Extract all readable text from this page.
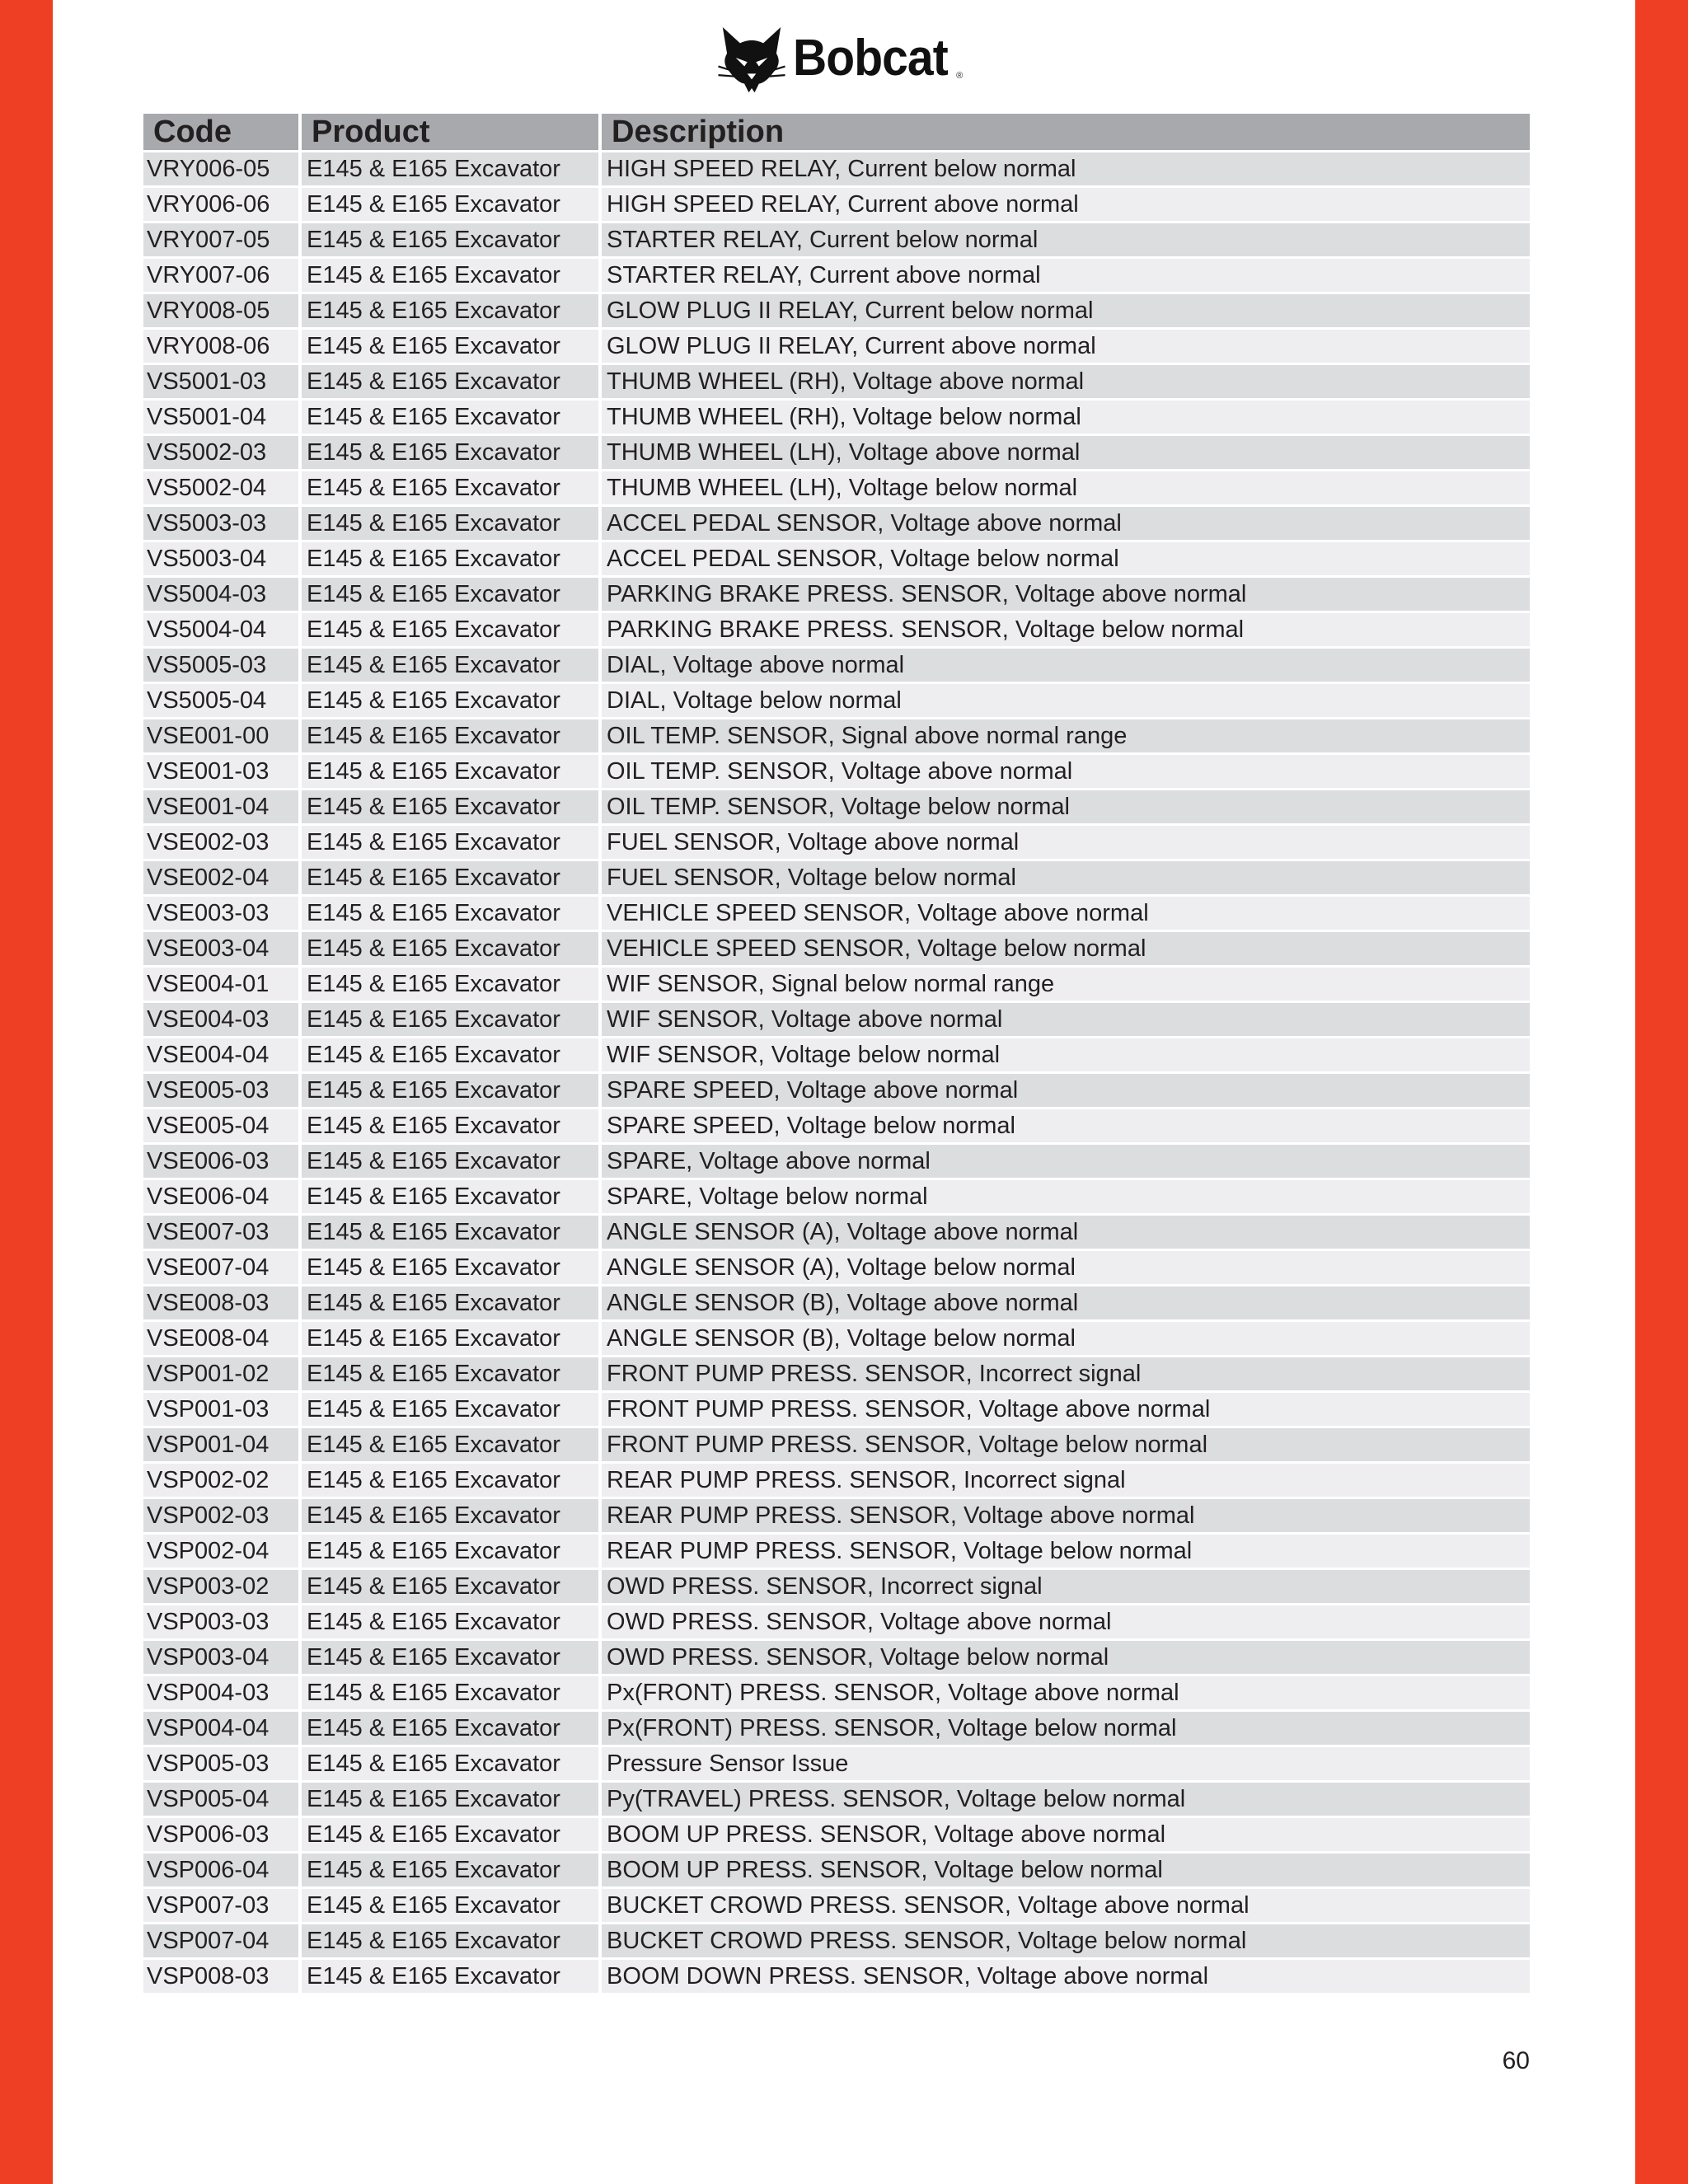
Bobcat ®
Code	Product	Description
VRY006-05	E145 & E165 Excavator	HIGH SPEED RELAY, Current below normal
VRY006-06	E145 & E165 Excavator	HIGH SPEED RELAY, Current above normal
VRY007-05	E145 & E165 Excavator	STARTER RELAY, Current below normal
VRY007-06	E145 & E165 Excavator	STARTER RELAY, Current above normal
VRY008-05	E145 & E165 Excavator	GLOW PLUG II RELAY, Current below normal
VRY008-06	E145 & E165 Excavator	GLOW PLUG II RELAY, Current above normal
VS5001-03	E145 & E165 Excavator	THUMB WHEEL (RH), Voltage above normal
VS5001-04	E145 & E165 Excavator	THUMB WHEEL (RH), Voltage below normal
VS5002-03	E145 & E165 Excavator	THUMB WHEEL (LH), Voltage above normal
VS5002-04	E145 & E165 Excavator	THUMB WHEEL (LH), Voltage below normal
VS5003-03	E145 & E165 Excavator	ACCEL PEDAL SENSOR, Voltage above normal
VS5003-04	E145 & E165 Excavator	ACCEL PEDAL SENSOR, Voltage below normal
VS5004-03	E145 & E165 Excavator	PARKING BRAKE PRESS. SENSOR, Voltage above normal
VS5004-04	E145 & E165 Excavator	PARKING BRAKE PRESS. SENSOR, Voltage below normal
VS5005-03	E145 & E165 Excavator	DIAL, Voltage above normal
VS5005-04	E145 & E165 Excavator	DIAL, Voltage below normal
VSE001-00	E145 & E165 Excavator	OIL TEMP. SENSOR, Signal above normal range
VSE001-03	E145 & E165 Excavator	OIL TEMP. SENSOR, Voltage above normal
VSE001-04	E145 & E165 Excavator	OIL TEMP. SENSOR, Voltage below normal
VSE002-03	E145 & E165 Excavator	FUEL SENSOR, Voltage above normal
VSE002-04	E145 & E165 Excavator	FUEL SENSOR, Voltage below normal
VSE003-03	E145 & E165 Excavator	VEHICLE SPEED SENSOR, Voltage above normal
VSE003-04	E145 & E165 Excavator	VEHICLE SPEED SENSOR, Voltage below normal
VSE004-01	E145 & E165 Excavator	WIF SENSOR, Signal below normal range
VSE004-03	E145 & E165 Excavator	WIF SENSOR, Voltage above normal
VSE004-04	E145 & E165 Excavator	WIF SENSOR, Voltage below normal
VSE005-03	E145 & E165 Excavator	SPARE SPEED, Voltage above normal
VSE005-04	E145 & E165 Excavator	SPARE SPEED, Voltage below normal
VSE006-03	E145 & E165 Excavator	SPARE, Voltage above normal
VSE006-04	E145 & E165 Excavator	SPARE, Voltage below normal
VSE007-03	E145 & E165 Excavator	ANGLE SENSOR (A), Voltage above normal
VSE007-04	E145 & E165 Excavator	ANGLE SENSOR (A), Voltage below normal
VSE008-03	E145 & E165 Excavator	ANGLE SENSOR (B), Voltage above normal
VSE008-04	E145 & E165 Excavator	ANGLE SENSOR (B), Voltage below normal
VSP001-02	E145 & E165 Excavator	FRONT PUMP PRESS. SENSOR, Incorrect signal
VSP001-03	E145 & E165 Excavator	FRONT PUMP PRESS. SENSOR, Voltage above normal
VSP001-04	E145 & E165 Excavator	FRONT PUMP PRESS. SENSOR, Voltage below normal
VSP002-02	E145 & E165 Excavator	REAR PUMP PRESS. SENSOR, Incorrect signal
VSP002-03	E145 & E165 Excavator	REAR PUMP PRESS. SENSOR, Voltage above normal
VSP002-04	E145 & E165 Excavator	REAR PUMP PRESS. SENSOR, Voltage below normal
VSP003-02	E145 & E165 Excavator	OWD PRESS. SENSOR, Incorrect signal
VSP003-03	E145 & E165 Excavator	OWD PRESS. SENSOR, Voltage above normal
VSP003-04	E145 & E165 Excavator	OWD PRESS. SENSOR, Voltage below normal
VSP004-03	E145 & E165 Excavator	Px(FRONT) PRESS. SENSOR, Voltage above normal
VSP004-04	E145 & E165 Excavator	Px(FRONT) PRESS. SENSOR, Voltage below normal
VSP005-03	E145 & E165 Excavator	Pressure Sensor Issue
VSP005-04	E145 & E165 Excavator	Py(TRAVEL) PRESS. SENSOR, Voltage below normal
VSP006-03	E145 & E165 Excavator	BOOM UP PRESS. SENSOR, Voltage above normal
VSP006-04	E145 & E165 Excavator	BOOM UP PRESS. SENSOR, Voltage below normal
VSP007-03	E145 & E165 Excavator	BUCKET CROWD PRESS. SENSOR, Voltage above normal
VSP007-04	E145 & E165 Excavator	BUCKET CROWD PRESS. SENSOR, Voltage below normal
VSP008-03	E145 & E165 Excavator	BOOM DOWN PRESS. SENSOR, Voltage above normal
60
